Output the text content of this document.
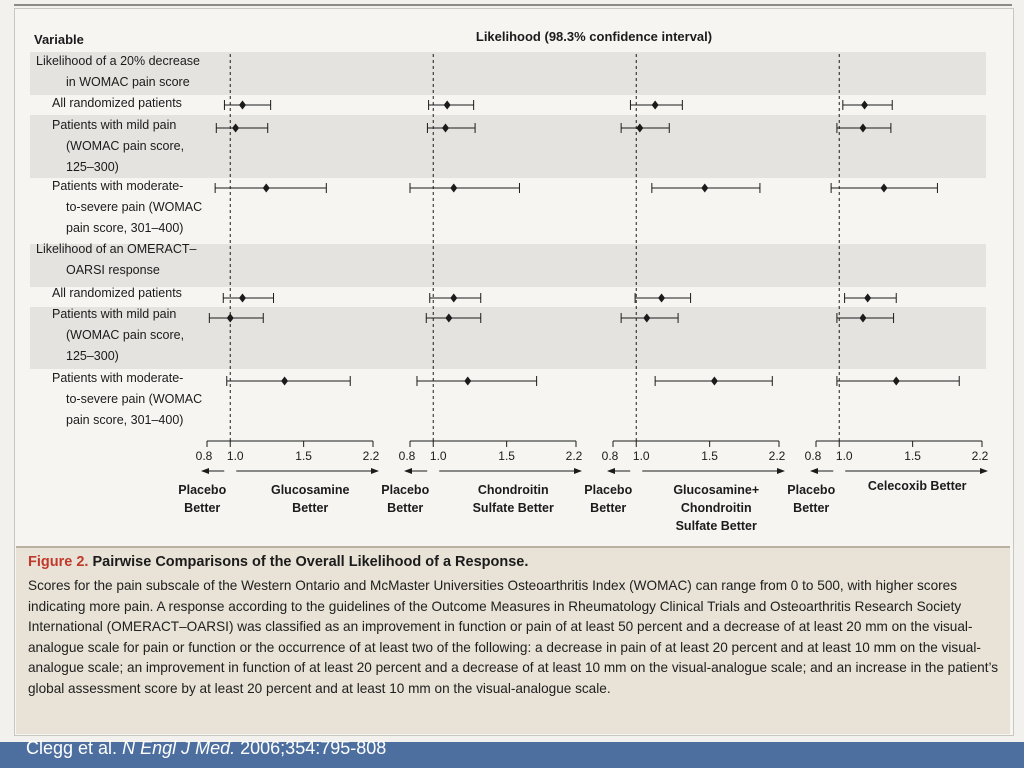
Variable	Likelihood (98.3% confidence interval)
Likelihood of a 20% decrease
in WOMAC pain score
All randomized patients
Patients with mild pain
(WOMAC pain score,
125–300)
Patients with moderate-
to-severe pain (WOMAC
pain score, 301–400)
Likelihood of an OMERACT–
OARSI response
All randomized patients
Patients with mild pain
(WOMAC pain score,
125–300)
Patients with moderate-
to-severe pain (WOMAC
pain score, 301–400)
0.8 1.0	1.5	2.2
Placebo
Better
Glucosamine
Better
0.8 1.0	1.5	2.2
Placebo
Better
Chondroitin
Sulfate Better
0.8 1.0	1.5	2.2
Placebo
Better
Glucosamine+
Chondroitin
Sulfate Better
0.8 1.0	1.5	2.2
Placebo
Better
Celecoxib Better
Figure 2. Pairwise Comparisons of the Overall Likelihood of a Response.
Scores for the pain subscale of the Western Ontario and McMaster Universities Osteoarthritis Index (WOMAC) can range from 0 to 500, with higher scores indicating more pain. A response according to the guidelines of the Outcome Measures in Rheumatology Clinical Trials and Osteoarthritis Research Society International (OMERACT–OARSI) was classified as an improvement in function or pain of at least 50 percent and a decrease of at least 20 mm on the visual-analogue scale for pain or function or the occurrence of at least two of the following: a decrease in pain of at least 20 percent and at least 10 mm on the visual-analogue scale; an improvement in function of at least 20 percent and a decrease of at least 10 mm on the visual-analogue scale; and an increase in the patient’s global assessment score by at least 20 percent and at least 10 mm on the visual-analogue scale.
Clegg et al. N Engl J Med. 2006;354:795-808
